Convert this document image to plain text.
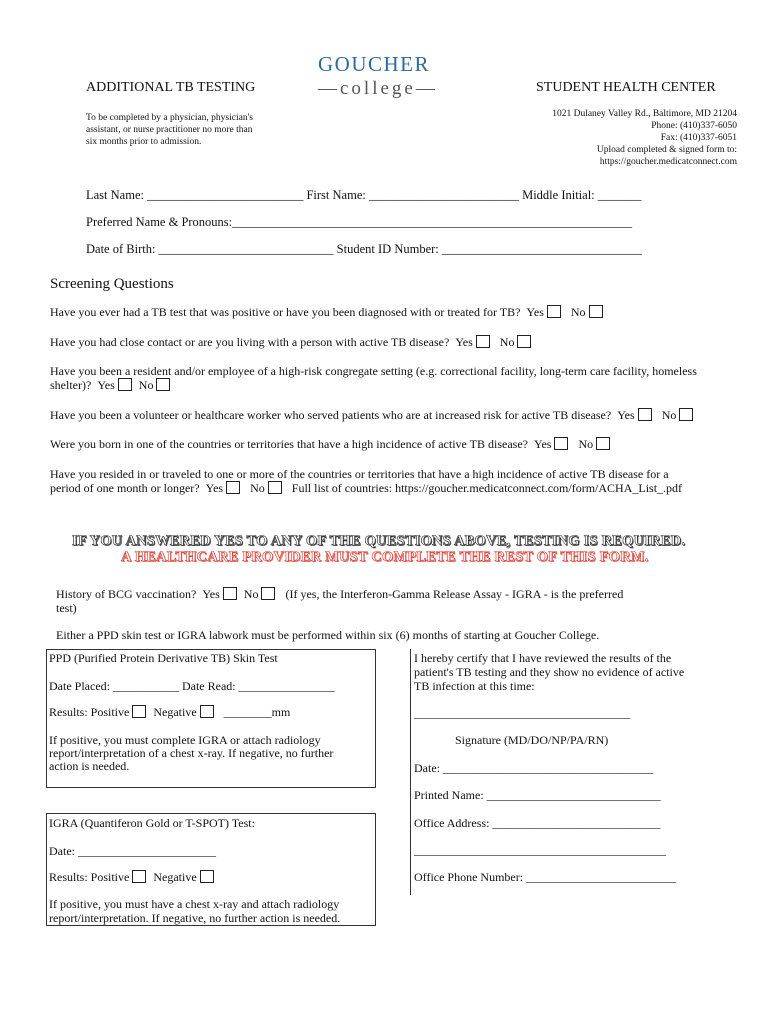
GOUCHER
—college—
ADDITIONAL TB TESTING
To be completed by a physician, physician's
assistant, or nurse practitioner no more than
six months prior to admission.
STUDENT HEALTH CENTER
1021 Dulaney Valley Rd., Baltimore, MD 21204
Phone: (410)337-6050
Fax: (410)337-6051
Upload completed & signed form to:
https://goucher.medicatconnect.com
Last Name: _________________________ First Name: ________________________ Middle Initial: _______
Preferred Name & Pronouns:________________________________________________________________
Date of Birth: ____________________________ Student ID Number: ________________________________
Screening Questions
Have you ever had a TB test that was positive or have you been diagnosed with or treated for TB? Yes No
Have you had close contact or are you living with a person with active TB disease? Yes No
Have you been a resident and/or employee of a high-risk congregate setting (e.g. correctional facility, long-term care facility, homeless
shelter)? Yes No
Have you been a volunteer or healthcare worker who served patients who are at increased risk for active TB disease? Yes No
Were you born in one of the countries or territories that have a high incidence of active TB disease? Yes No
Have you resided in or traveled to one or more of the countries or territories that have a high incidence of active TB disease for a
period of one month or longer? Yes No Full list of countries: https://goucher.medicatconnect.com/form/ACHA_List_.pdf
IF YOU ANSWERED YES TO ANY OF THE QUESTIONS ABOVE, TESTING IS REQUIRED.
A HEALTHCARE PROVIDER MUST COMPLETE THE REST OF THIS FORM.
History of BCG vaccination? Yes No (If yes, the Interferon-Gamma Release Assay - IGRA - is the preferred
test)
Either a PPD skin test or IGRA labwork must be performed within six (6) months of starting at Goucher College.
PPD (Purified Protein Derivative TB) Skin Test
Date Placed: ___________ Date Read: ________________
Results: Positive Negative ________mm
If positive, you must complete IGRA or attach radiology
report/interpretation of a chest x-ray. If negative, no further
action is needed.
IGRA (Quantiferon Gold or T-SPOT) Test:
Date: _______________________
Results: Positive Negative
If positive, you must have a chest x-ray and attach radiology
report/interpretation. If negative, no further action is needed.
I hereby certify that I have reviewed the results of the
patient's TB testing and they show no evidence of active
TB infection at this time:
____________________________________
Signature (MD/DO/NP/PA/RN)
Date: ___________________________________
Printed Name: _____________________________
Office Address: ____________________________
__________________________________________
Office Phone Number: _________________________
